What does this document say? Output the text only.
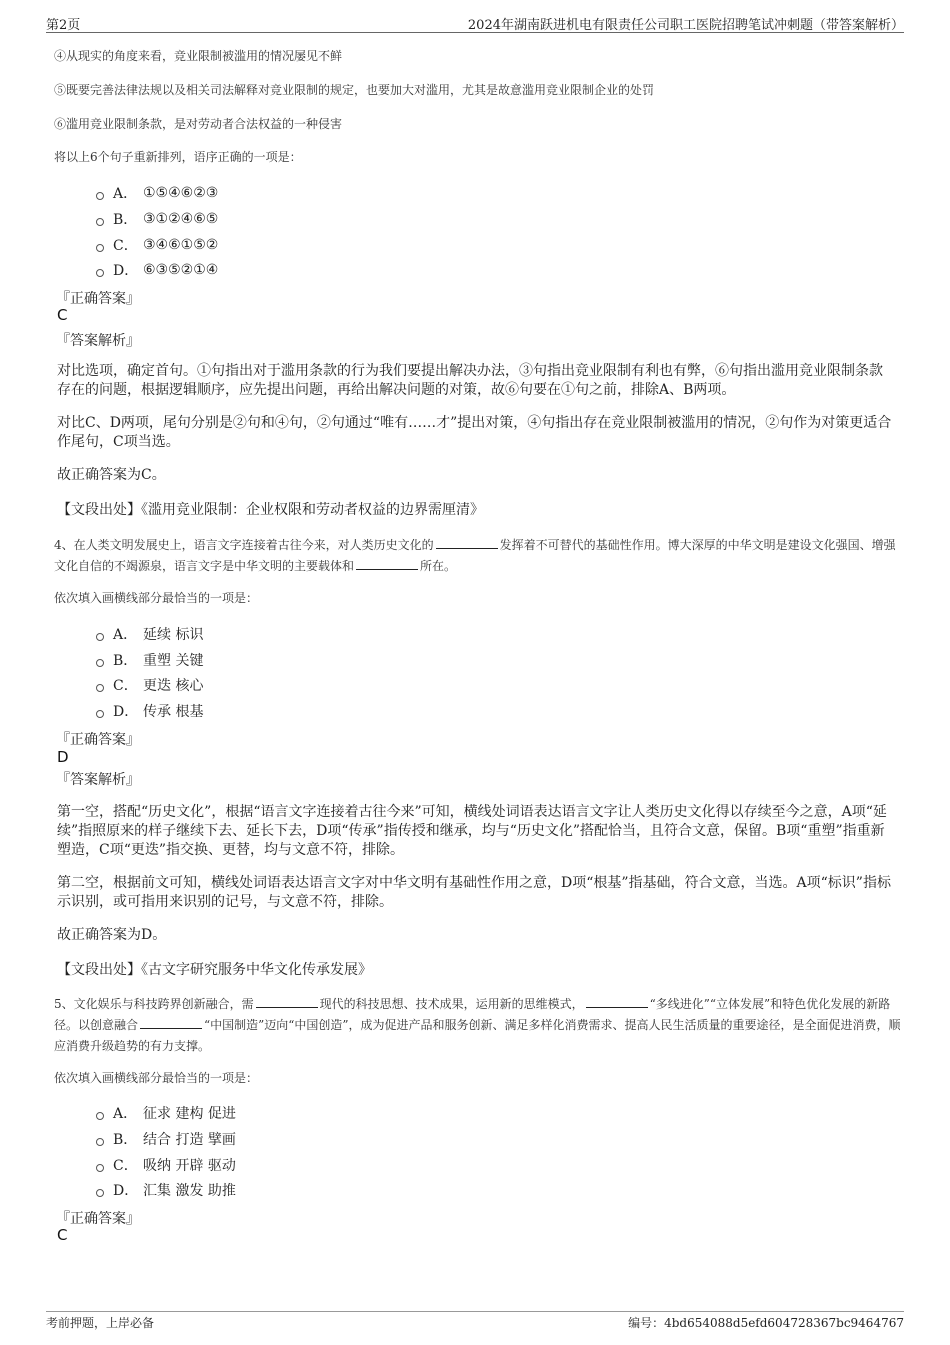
第2页	2024年湖南跃进机电有限责任公司职工医院招聘笔试冲刺题（带答案解析）
④从现实的角度来看，竞业限制被滥用的情况屡见不鲜
⑤既要完善法律法规以及相关司法解释对竞业限制的规定，也要加大对滥用，尤其是故意滥用竞业限制企业的处罚
⑥滥用竞业限制条款，是对劳动者合法权益的一种侵害
将以上6个句子重新排列，语序正确的一项是：
A． ①⑤④⑥②③
B． ③①②④⑥⑤
C． ③④⑥①⑤②
D． ⑥③⑤②①④
『正确答案』
C
『答案解析』
对比选项，确定首句。①句指出对于滥用条款的行为我们要提出解决办法，③句指出竞业限制有利也有弊，⑥句指出滥用竞业限制条款存在的问题，根据逻辑顺序，应先提出问题，再给出解决问题的对策，故⑥句要在①句之前，排除A、B两项。
对比C、D两项，尾句分别是②句和④句，②句通过“唯有……才”提出对策，④句指出存在竞业限制被滥用的情况，②句作为对策更适合作尾句，C项当选。
故正确答案为C。
【文段出处】《滥用竞业限制：企业权限和劳动者权益的边界需厘清》
4、在人类文明发展史上，语言文字连接着古往今来，对人类历史文化的	发挥着不可替代的基础性作用。博大深厚的中华文明是建设文化强国、增强文化自信的不竭源泉，语言文字是中华文明的主要载体和	所在。
依次填入画横线部分最恰当的一项是：
A． 延续 标识
B． 重塑 关键
C． 更迭 核心
D． 传承 根基
『正确答案』
D
『答案解析』
第一空，搭配“历史文化”，根据“语言文字连接着古往今来”可知，横线处词语表达语言文字让人类历史文化得以存续至今之意，A项“延续”指照原来的样子继续下去、延长下去，D项“传承”指传授和继承，均与“历史文化”搭配恰当，且符合文意，保留。B项“重塑”指重新塑造，C项“更迭”指交换、更替，均与文意不符，排除。
第二空，根据前文可知，横线处词语表达语言文字对中华文明有基础性作用之意，D项“根基”指基础，符合文意，当选。A项“标识”指标示识别，或可指用来识别的记号，与文意不符，排除。
故正确答案为D。
【文段出处】《古文字研究服务中华文化传承发展》
5、文化娱乐与科技跨界创新融合，需	现代的科技思想、技术成果，运用新的思维模式，	“多线进化”“立体发展”和特色优化发展的新路径。以创意融合	“中国制造”迈向“中国创造”，成为促进产品和服务创新、满足多样化消费需求、提高人民生活质量的重要途径，是全面促进消费，顺应消费升级趋势的有力支撑。
依次填入画横线部分最恰当的一项是：
A． 征求 建构 促进
B． 结合 打造 擘画
C． 吸纳 开辟 驱动
D． 汇集 激发 助推
『正确答案』
C
考前押题，上岸必备	编号：4bd654088d5efd604728367bc9464767
